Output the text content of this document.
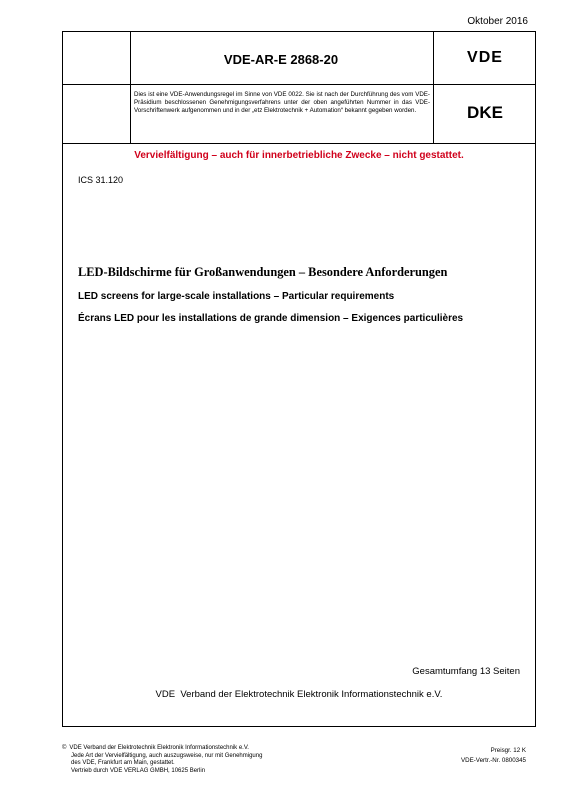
Oktober 2016
VDE-AR-E 2868-20	VDE
DKE
Dies ist eine VDE-Anwendungsregel im Sinne von VDE 0022. Sie ist nach der Durchführung des vom VDE-Präsidium beschlossenen Genehmigungsverfahrens unter der oben angeführten Nummer in das VDE-Vorschriftenwerk aufgenommen und in der „etz Elektrotechnik + Automation“ bekannt gegeben worden.
Vervielfältigung – auch für innerbetriebliche Zwecke – nicht gestattet.
ICS 31.120
LED-Bildschirme für Großanwendungen – Besondere Anforderungen
LED screens for large-scale installations – Particular requirements
Écrans LED pour les installations de grande dimension – Exigences particulières
Gesamtumfang 13 Seiten
VDE  Verband der Elektrotechnik Elektronik Informationstechnik e.V.
© VDE Verband der Elektrotechnik Elektronik Informationstechnik e.V.
Jede Art der Vervielfältigung, auch auszugsweise, nur mit Genehmigung
des VDE, Frankfurt am Main, gestattet.
Vertrieb durch VDE VERLAG GMBH, 10625 Berlin
Preisgr. 12 K
VDE-Vertr.-Nr. 0800345
